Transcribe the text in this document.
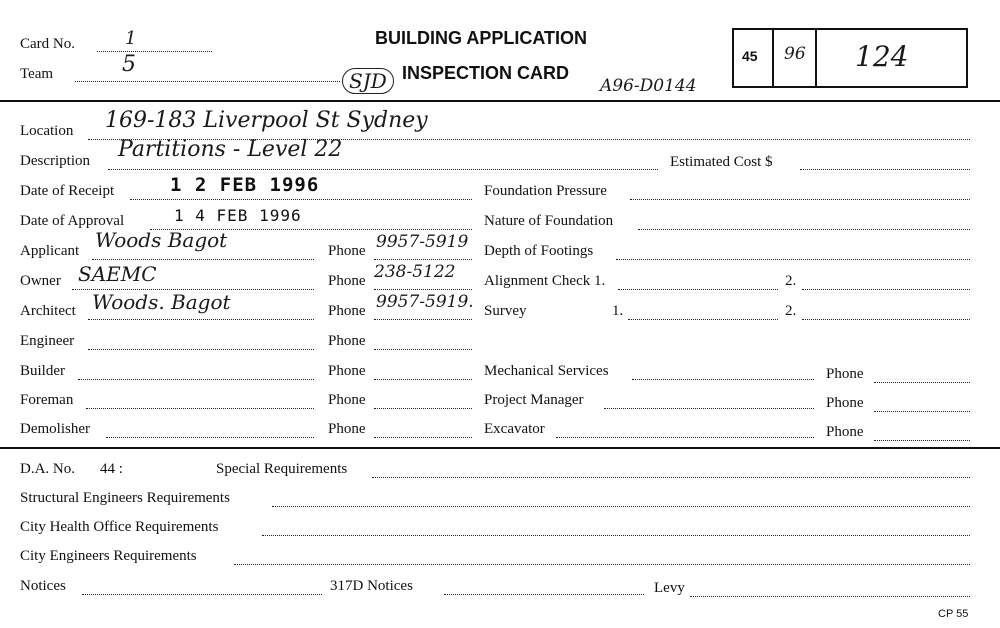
Card No.	1
Team	5
SJD
BUILDING APPLICATION
INSPECTION CARD
A96-D0144
45 96 124
Location 169-183 Liverpool St Sydney
Description Partitions - Level 22	Estimated Cost $
Date of Receipt	1 2 FEB 1996	Foundation Pressure
Date of Approval	1 4 FEB 1996	Nature of Foundation
Applicant Woods Bagot	Phone 9957-5919 Depth of Footings
Owner SAEMC	Phone 238-5122 Alignment Check 1.	2.
Architect Woods. Bagot	Phone 9957-5919. Survey	1.	2.
Engineer	Phone
Builder	Phone	Mechanical Services	Phone
Foreman	Phone	Project Manager	Phone
Demolisher	Phone	Excavator	Phone
D.A. No. 44 :	Special Requirements
Structural Engineers Requirements
City Health Office Requirements
City Engineers Requirements
Notices	317D Notices	Levy
CP 55
